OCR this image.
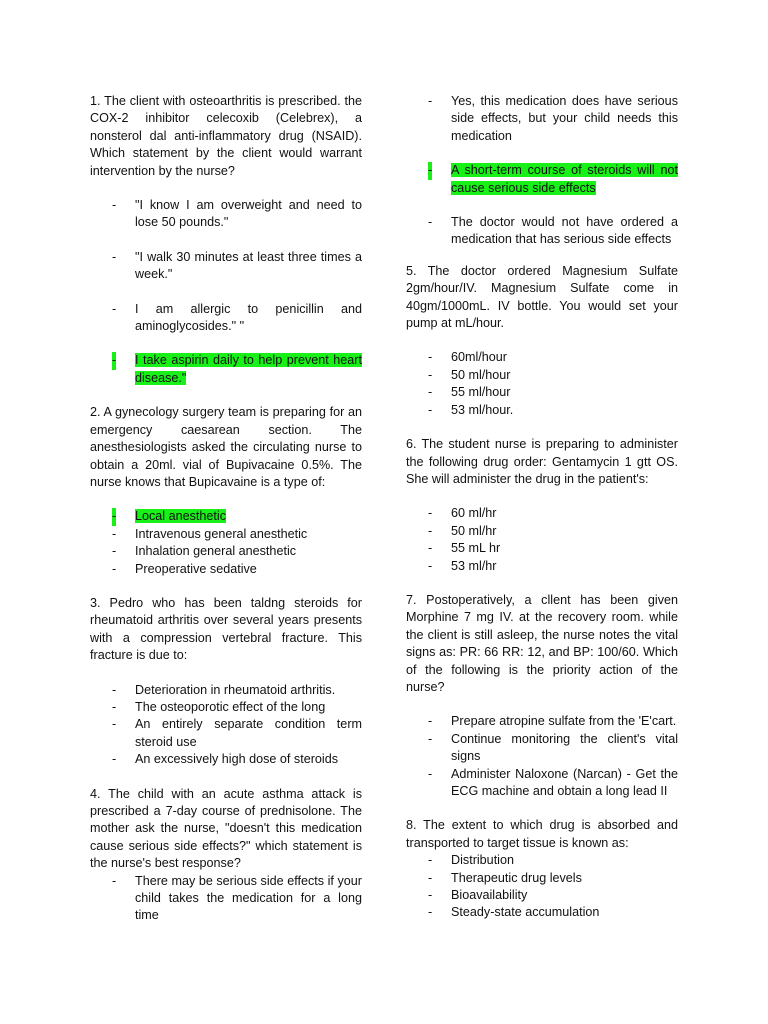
1. The client with osteoarthritis is prescribed. the COX-2 inhibitor celecoxib (Celebrex), a nonsterol dal anti-inflammatory drug (NSAID). Which statement by the client would warrant intervention by the nurse?

- "I know I am overweight and need to lose 50 pounds."
- "I walk 30 minutes at least three times a week."
- I am allergic to penicillin and aminoglycosides." "
- I take aspirin daily to help prevent heart disease."

2. A gynecology surgery team is preparing for an emergency caesarean section. The anesthesiologists asked the circulating nurse to obtain a 20ml. vial of Bupivacaine 0.5%. The nurse knows that Bupicavaine is a type of:

- Local anesthetic
- Intravenous general anesthetic
- Inhalation general anesthetic
- Preoperative sedative

3. Pedro who has been taldng steroids for rheumatoid arthritis over several years presents with a compression vertebral fracture. This fracture is due to:

- Deterioration in rheumatoid arthritis.
- The osteoporotic effect of the long
- An entirely separate condition term steroid use
- An excessively high dose of steroids

4. The child with an acute asthma attack is prescribed a 7-day course of prednisolone. The mother ask the nurse, "doesn't this medication cause serious side effects?" which statement is the nurse's best response?

- There may be serious side effects if your child takes the medication for a long time
- Yes, this medication does have serious side effects, but your child needs this medication
- A short-term course of steroids will not cause serious side effects
- The doctor would not have ordered a medication that has serious side effects

5. The doctor ordered Magnesium Sulfate 2gm/hour/IV. Magnesium Sulfate come in 40gm/1000mL. IV bottle. You would set your pump at mL/hour.

- 60ml/hour
- 50 ml/hour
- 55 ml/hour
- 53 ml/hour.

6. The student nurse is preparing to administer the following drug order: Gentamycin 1 gtt OS. She will administer the drug in the patient's:

- 60 ml/hr
- 50 ml/hr
- 55 mL hr
- 53 ml/hr

7. Postoperatively, a cllent has been given Morphine 7 mg IV. at the recovery room. while the client is still asleep, the nurse notes the vital signs as: PR: 66 RR: 12, and BP: 100/60. Which of the following is the priority action of the nurse?

- Prepare atropine sulfate from the 'E'cart.
- Continue monitoring the client's vital signs
- Administer Naloxone (Narcan) - Get the ECG machine and obtain a long lead II

8. The extent to which drug is absorbed and transported to target tissue is known as:

- Distribution
- Therapeutic drug levels
- Bioavailability
- Steady-state accumulation
